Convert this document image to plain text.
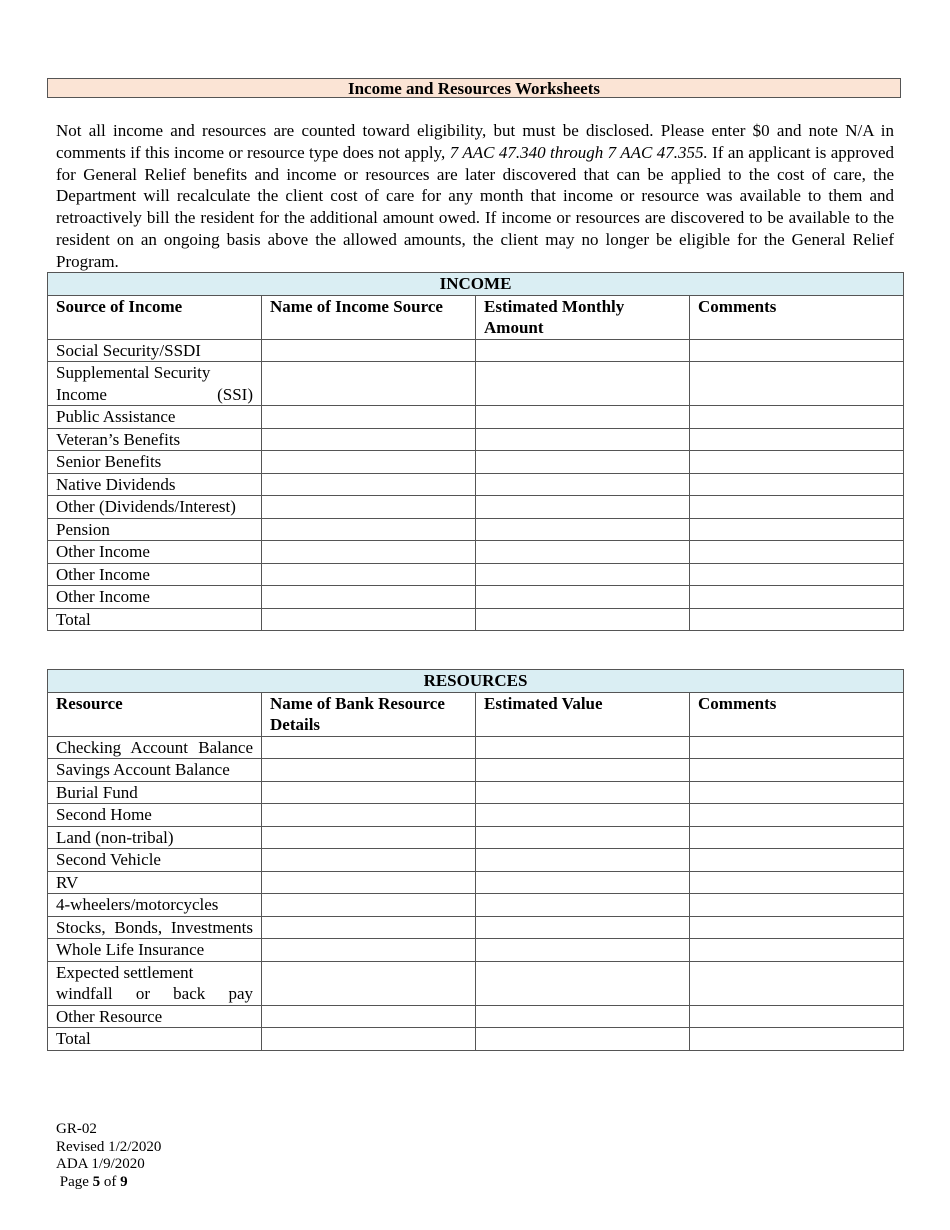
Income and Resources Worksheets

Not all income and resources are counted toward eligibility, but must be disclosed. Please enter $0 and note N/A in comments if this income or resource type does not apply, 7 AAC 47.340 through 7 AAC 47.355. If an applicant is approved for General Relief benefits and income or resources are later discovered that can be applied to the cost of care, the Department will recalculate the client cost of care for any month that income or resource was available to them and retroactively bill the resident for the additional amount owed. If income or resources are discovered to be available to the resident on an ongoing basis above the allowed amounts, the client may no longer be eligible for the General Relief Program.

INCOME			
Source of Income	Name of Income Source	Estimated Monthly Amount	Comments
Social Security/SSDI			
Supplemental Security Income (SSI)			
Public Assistance			
Veteran’s Benefits			
Senior Benefits			
Native Dividends			
Other (Dividends/Interest)			
Pension			
Other Income			
Other Income			
Other Income			
Total			
RESOURCES			
Resource	Name of Bank Resource Details	Estimated Value	Comments
Checking Account Balance			
Savings Account Balance			
Burial Fund			
Second Home			
Land (non-tribal)			
Second Vehicle			
RV			
4-wheelers/motorcycles			
Stocks, Bonds, Investments			
Whole Life Insurance			
Expected settlement windfall or back pay			
Other Resource			
Total			
GR-02
Revised 1/2/2020
ADA 1/9/2020
Page 5 of 9
